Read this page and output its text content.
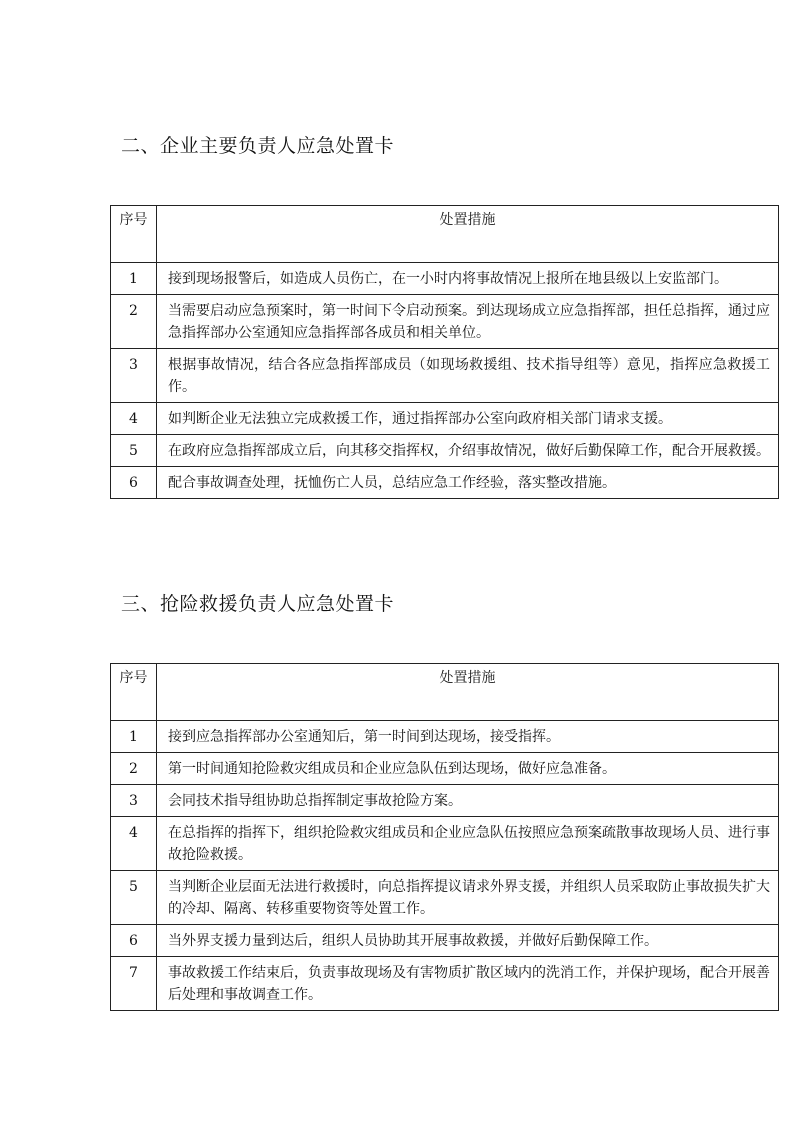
二、企业主要负责人应急处置卡
序号	处置措施
1	接到现场报警后，如造成人员伤亡，在一小时内将事故情况上报所在地县级以上安监部门。
2	当需要启动应急预案时，第一时间下令启动预案。到达现场成立应急指挥部，担任总指挥，通过应急指挥部办公室通知应急指挥部各成员和相关单位。
3	根据事故情况，结合各应急指挥部成员（如现场救援组、技术指导组等）意见，指挥应急救援工作。
4	如判断企业无法独立完成救援工作，通过指挥部办公室向政府相关部门请求支援。
5	在政府应急指挥部成立后，向其移交指挥权，介绍事故情况，做好后勤保障工作，配合开展救援。
6	配合事故调查处理，抚恤伤亡人员，总结应急工作经验，落实整改措施。
三、抢险救援负责人应急处置卡
序号	处置措施
1	接到应急指挥部办公室通知后，第一时间到达现场，接受指挥。
2	第一时间通知抢险救灾组成员和企业应急队伍到达现场，做好应急准备。
3	会同技术指导组协助总指挥制定事故抢险方案。
4	在总指挥的指挥下，组织抢险救灾组成员和企业应急队伍按照应急预案疏散事故现场人员、进行事故抢险救援。
5	当判断企业层面无法进行救援时，向总指挥提议请求外界支援，并组织人员采取防止事故损失扩大的冷却、隔离、转移重要物资等处置工作。
6	当外界支援力量到达后，组织人员协助其开展事故救援，并做好后勤保障工作。
7	事故救援工作结束后，负责事故现场及有害物质扩散区域内的洗消工作，并保护现场，配合开展善后处理和事故调查工作。
